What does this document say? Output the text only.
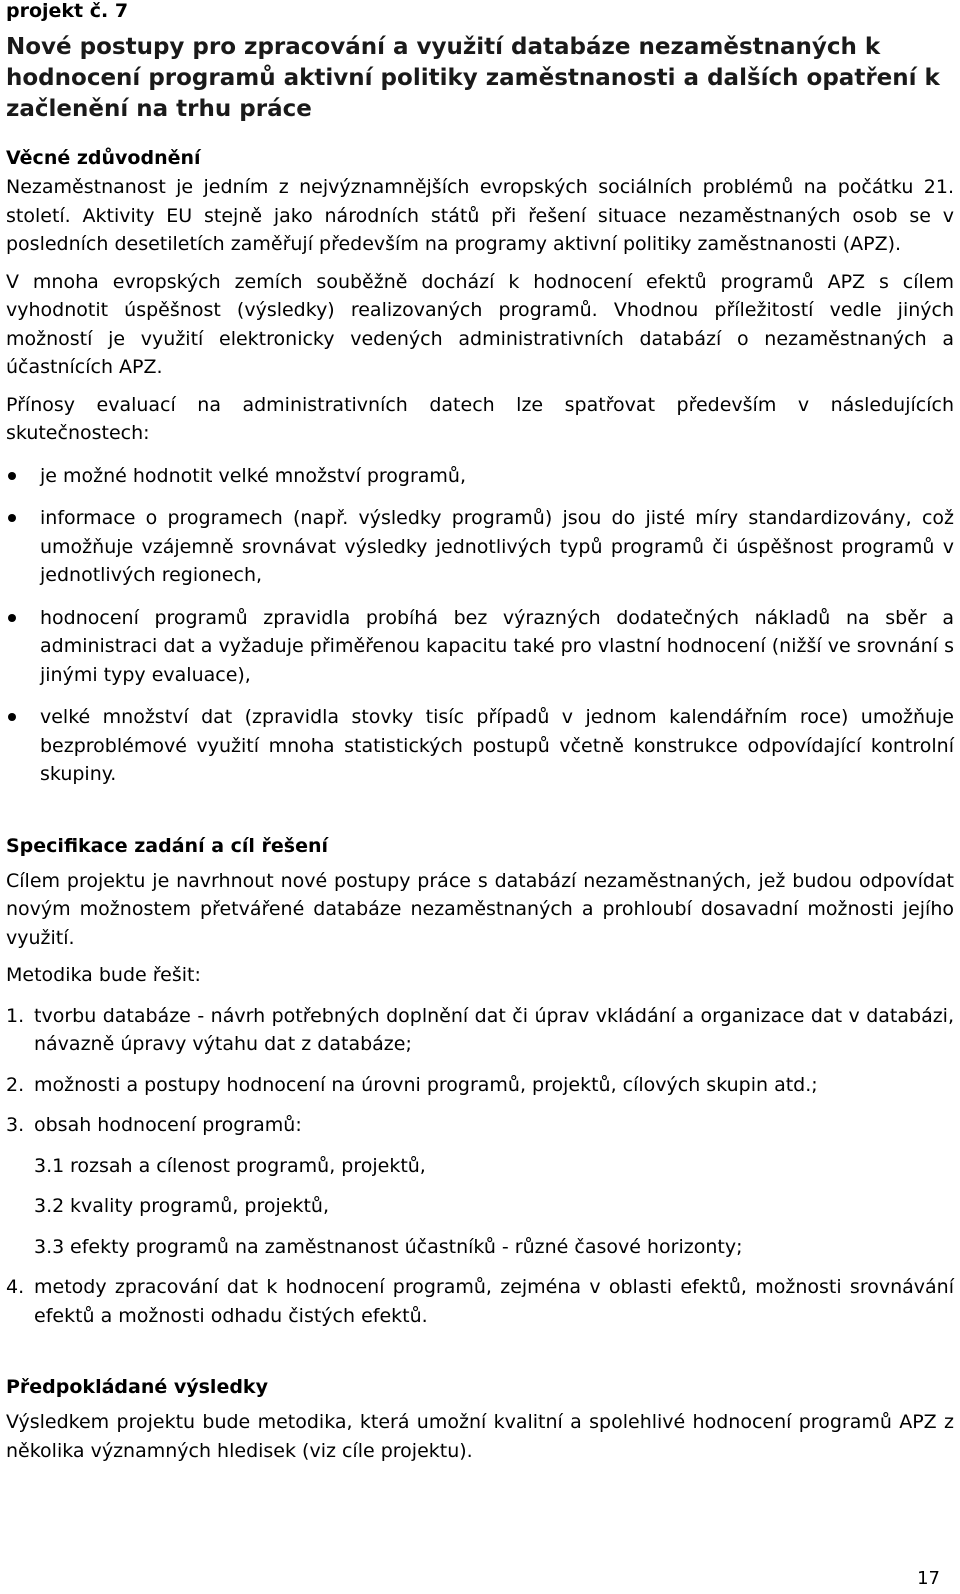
projekt č. 7
Nové postupy pro zpracování a využití databáze nezaměstnaných k hodnocení programů aktivní politiky zaměstnanosti a dalších opatření k začlenění na trhu práce
Věcné zdůvodnění

Nezaměstnanost je jedním z nejvýznamnějších evropských sociálních problémů na počátku 21. století. Aktivity EU stejně jako národních států při řešení situace nezaměstnaných osob se v posledních desetiletích zaměřují především na programy aktivní politiky zaměstnanosti (APZ).

V mnoha evropských zemích souběžně dochází k hodnocení efektů programů APZ s cílem vyhodnotit úspěšnost (výsledky) realizovaných programů. Vhodnou příležitostí vedle jiných možností je využití elektronicky vedených administrativních databází o nezaměstnaných a účastnících APZ.

Přínosy evaluací na administrativních datech lze spatřovat především v následujících skutečnostech:

je možné hodnotit velké množství programů,
informace o programech (např. výsledky programů) jsou do jisté míry standardizovány, což umožňuje vzájemně srovnávat výsledky jednotlivých typů programů či úspěšnost programů v jednotlivých regionech,
hodnocení programů zpravidla probíhá bez výrazných dodatečných nákladů na sběr a administraci dat a vyžaduje přiměřenou kapacitu také pro vlastní hodnocení (nižší ve srovnání s jinými typy evaluace),
velké množství dat (zpravidla stovky tisíc případů v jednom kalendářním roce) umožňuje bezproblémové využití mnoha statistických postupů včetně konstrukce odpovídající kontrolní skupiny.
Specifikace zadání a cíl řešení

Cílem projektu je navrhnout nové postupy práce s databází nezaměstnaných, jež budou odpovídat novým možnostem přetvářené databáze nezaměstnaných a prohloubí dosavadní možnosti jejího využití.

Metodika bude řešit:

1. tvorbu databáze - návrh potřebných doplnění dat či úprav vkládání a organizace dat v databázi, návazně úpravy výtahu dat z databáze;
2. možnosti a postupy hodnocení na úrovni programů, projektů, cílových skupin atd.;
3. obsah hodnocení programů:
3.1 rozsah a cílenost programů, projektů,
3.2 kvality programů, projektů,
3.3 efekty programů na zaměstnanost účastníků - různé časové horizonty;
4. metody zpracování dat k hodnocení programů, zejména v oblasti efektů, možnosti srovnávání efektů a možnosti odhadu čistých efektů.
Předpokládané výsledky

Výsledkem projektu bude metodika, která umožní kvalitní a spolehlivé hodnocení programů APZ z několika významných hledisek (viz cíle projektu).

17
